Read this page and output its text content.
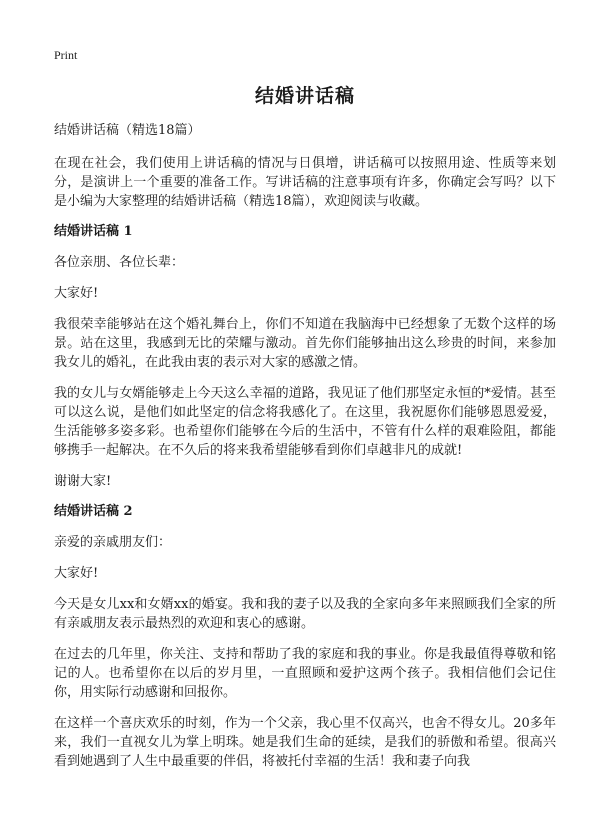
Print
结婚讲话稿
结婚讲话稿（精选18篇）

在现在社会，我们使用上讲话稿的情况与日俱增，讲话稿可以按照用途、性质等来划分，是演讲上一个重要的准备工作。写讲话稿的注意事项有许多，你确定会写吗？以下是小编为大家整理的结婚讲话稿（精选18篇），欢迎阅读与收藏。

结婚讲话稿 1

各位亲朋、各位长辈：

大家好!

我很荣幸能够站在这个婚礼舞台上，你们不知道在我脑海中已经想象了无数个这样的场景。站在这里，我感到无比的荣耀与激动。首先你们能够抽出这么珍贵的时间，来参加我女儿的婚礼，在此我由衷的表示对大家的感激之情。

我的女儿与女婿能够走上今天这么幸福的道路，我见证了他们那坚定永恒的*爱情。甚至可以这么说，是他们如此坚定的信念将我感化了。在这里，我祝愿你们能够恩恩爱爱，生活能够多姿多彩。也希望你们能够在今后的生活中，不管有什么样的艰难险阻，都能够携手一起解决。在不久后的将来我希望能够看到你们卓越非凡的成就!

谢谢大家!

结婚讲话稿 2

亲爱的亲戚朋友们：

大家好!

今天是女儿xx和女婿xx的婚宴。我和我的妻子以及我的全家向多年来照顾我们全家的所有亲戚朋友表示最热烈的欢迎和衷心的感谢。

在过去的几年里，你关注、支持和帮助了我的家庭和我的事业。你是我最值得尊敬和铭记的人。也希望你在以后的岁月里，一直照顾和爱护这两个孩子。我相信他们会记住你，用实际行动感谢和回报你。

在这样一个喜庆欢乐的时刻，作为一个父亲，我心里不仅高兴，也舍不得女儿。20多年来，我们一直视女儿为掌上明珠。她是我们生命的延续，是我们的骄傲和希望。很高兴看到她遇到了人生中最重要的伴侣，将被托付幸福的生活！我和妻子向我
